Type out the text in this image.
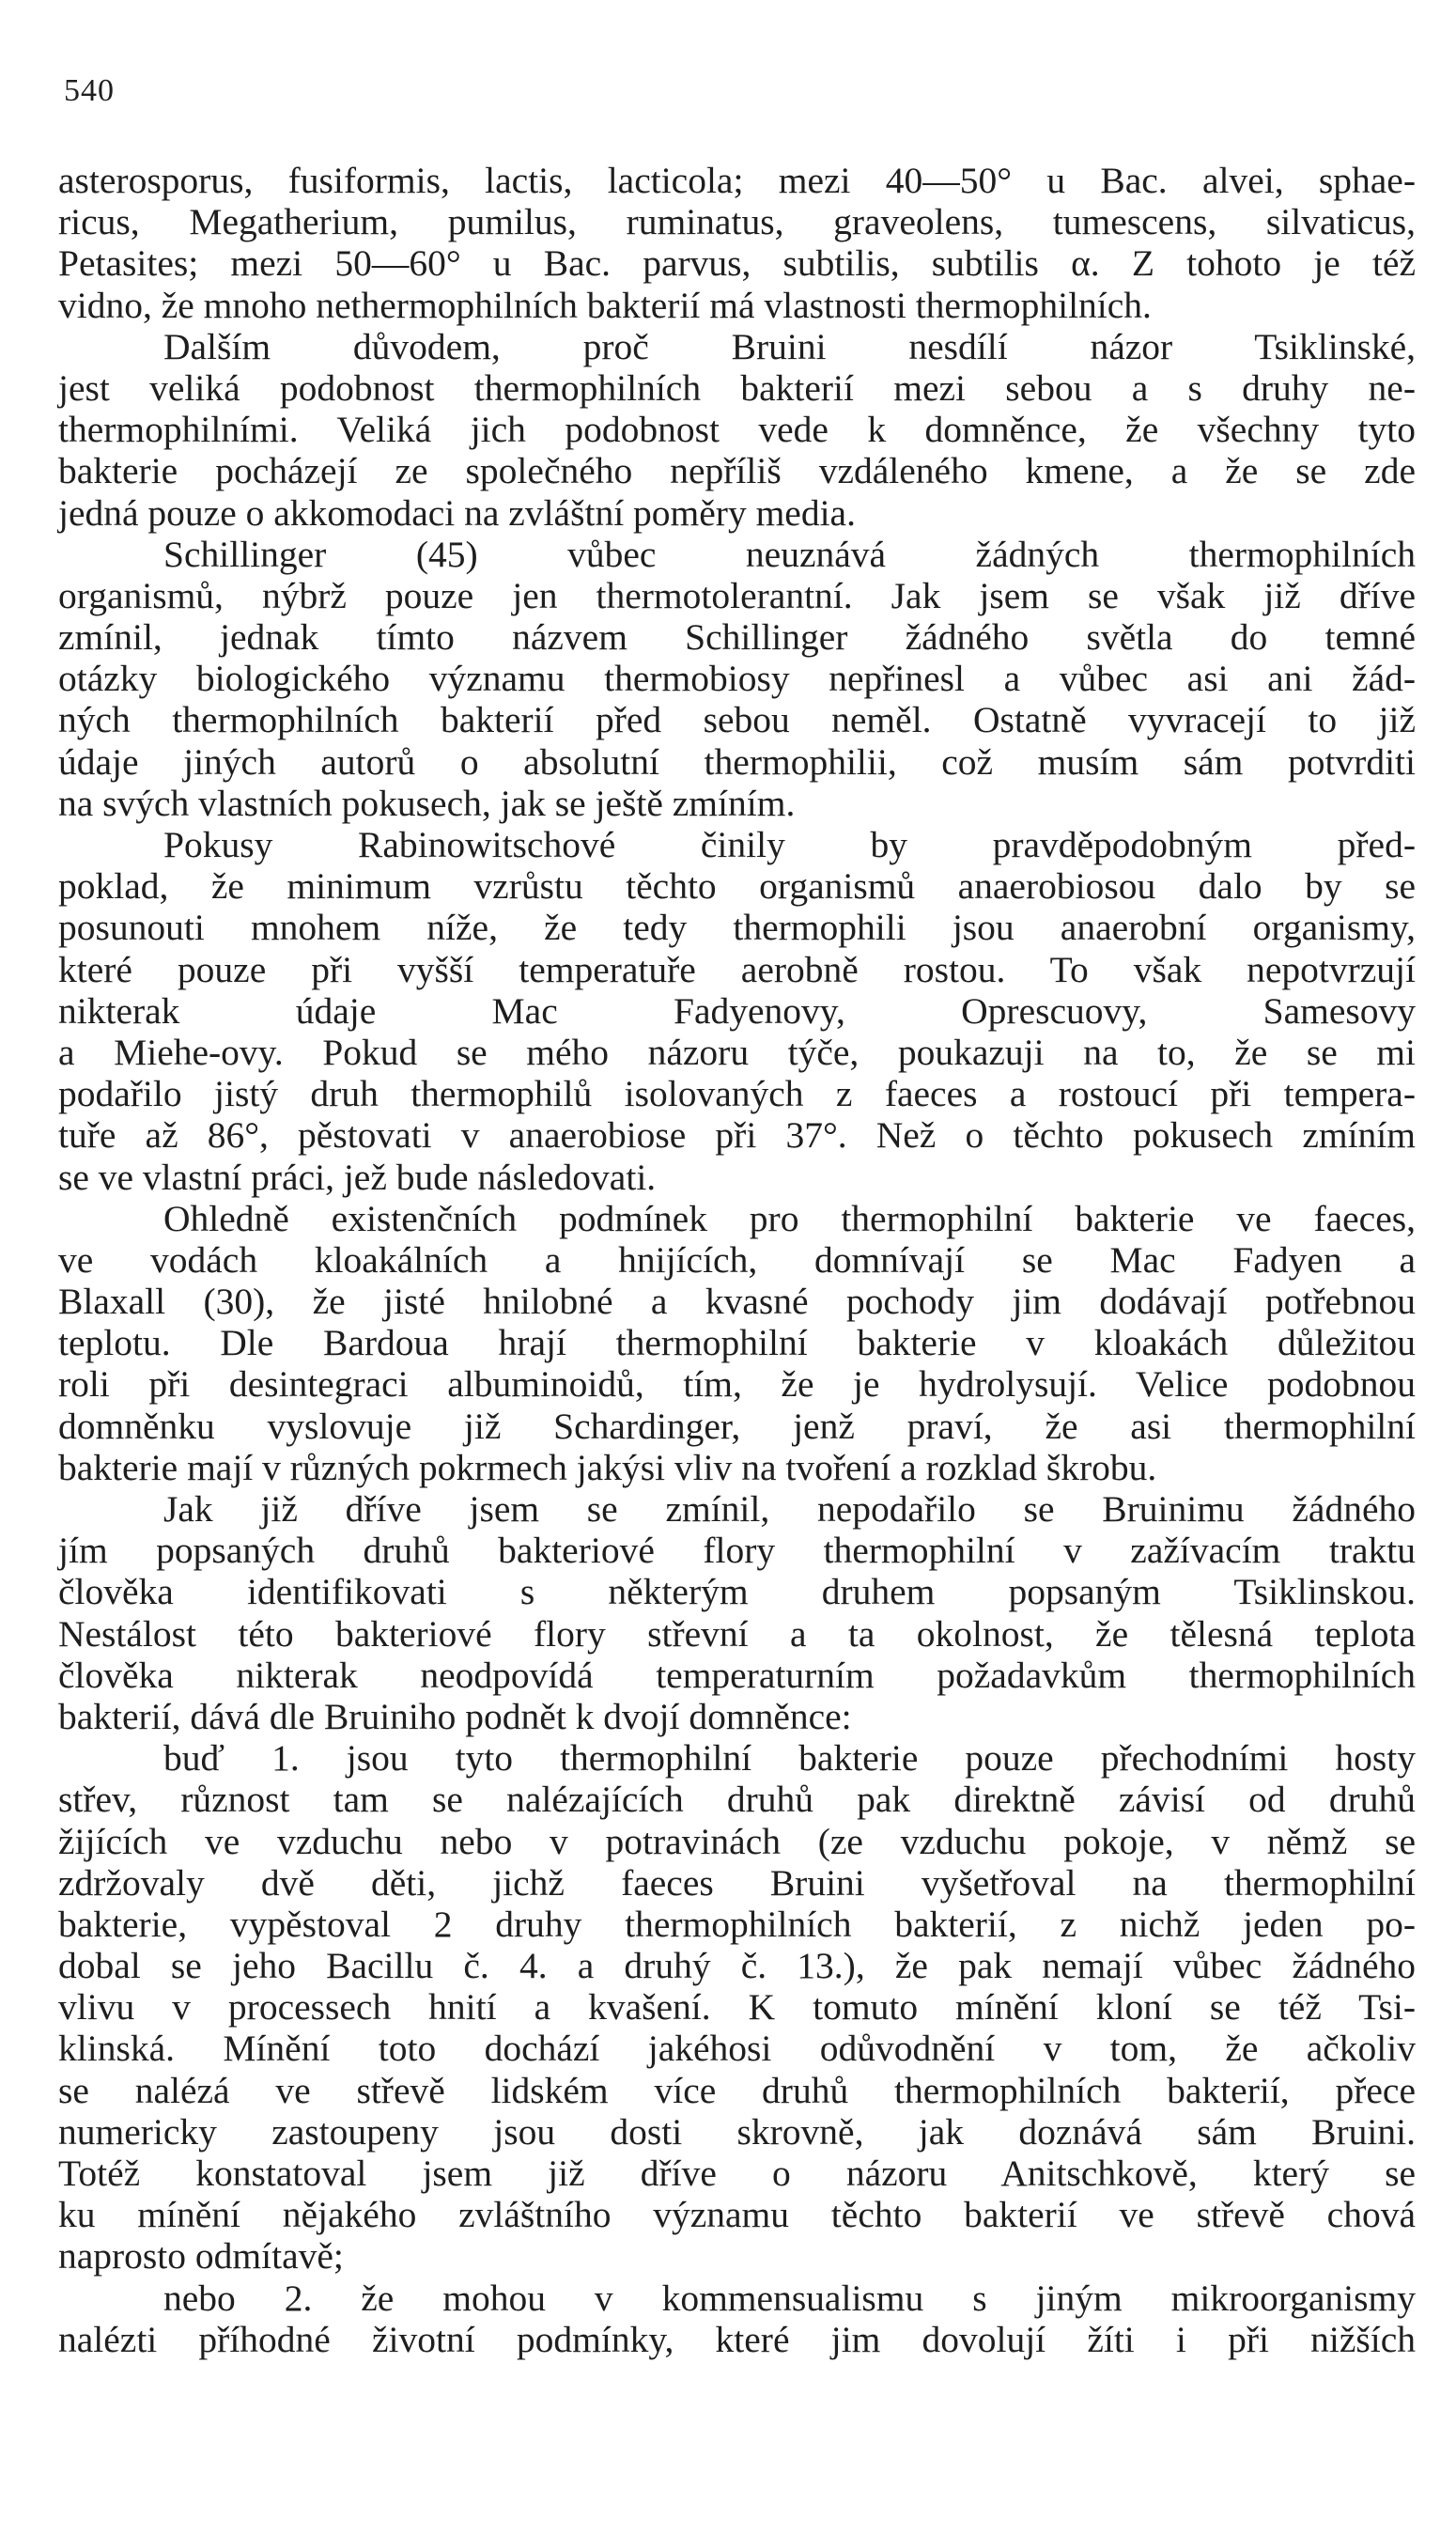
540
asterosporus, fusiformis, lactis, lacticola; mezi 40—50° u Bac. alvei, sphae-
ricus, Megatherium, pumilus, ruminatus, graveolens, tumescens, silvaticus,
Petasites; mezi 50—60° u Bac. parvus, subtilis, subtilis α. Z tohoto je též
vidno, že mnoho nethermophilních bakterií má vlastnosti thermophilních.
Dalším důvodem, proč Bruini nesdílí názor Tsiklinské,
jest veliká podobnost thermophilních bakterií mezi sebou a s druhy ne-
thermophilními. Veliká jich podobnost vede k domněnce, že všechny tyto
bakterie pocházejí ze společného nepříliš vzdáleného kmene, a že se zde
jedná pouze o akkomodaci na zvláštní poměry media.
Schillinger (45) vůbec neuznává žádných thermophilních
organismů, nýbrž pouze jen thermotolerantní. Jak jsem se však již dříve
zmínil, jednak tímto názvem Schillinger žádného světla do temné
otázky biologického významu thermobiosy nepřinesl a vůbec asi ani žád-
ných thermophilních bakterií před sebou neměl. Ostatně vyvracejí to již
údaje jiných autorů o absolutní thermophilii, což musím sám potvrditi
na svých vlastních pokusech, jak se ještě zmíním.
Pokusy Rabinowitschové činily by pravděpodobným před-
poklad, že minimum vzrůstu těchto organismů anaerobiosou dalo by se
posunouti mnohem níže, že tedy thermophili jsou anaerobní organismy,
které pouze při vyšší temperatuře aerobně rostou. To však nepotvrzují
nikterak údaje Mac Fadyenovy, Oprescuovy, Samesovy
a Miehe-ovy. Pokud se mého názoru týče, poukazuji na to, že se mi
podařilo jistý druh thermophilů isolovaných z faeces a rostoucí při tempera-
tuře až 86°, pěstovati v anaerobiose při 37°. Než o těchto pokusech zmíním
se ve vlastní práci, jež bude následovati.
Ohledně existenčních podmínek pro thermophilní bakterie ve faeces,
ve vodách kloakálních a hnijících, domnívají se Mac Fadyen a
Blaxall (30), že jisté hnilobné a kvasné pochody jim dodávají potřebnou
teplotu. Dle Bardoua hrají thermophilní bakterie v kloakách důležitou
roli při desintegraci albuminoidů, tím, že je hydrolysují. Velice podobnou
domněnku vyslovuje již Schardinger, jenž praví, že asi thermophilní
bakterie mají v různých pokrmech jakýsi vliv na tvoření a rozklad škrobu.
Jak již dříve jsem se zmínil, nepodařilo se Bruinimu žádného
jím popsaných druhů bakteriové flory thermophilní v zažívacím traktu
člověka identifikovati s některým druhem popsaným Tsiklinskou.
Nestálost této bakteriové flory střevní a ta okolnost, že tělesná teplota
člověka nikterak neodpovídá temperaturním požadavkům thermophilních
bakterií, dává dle Bruiniho podnět k dvojí domněnce:
buď 1. jsou tyto thermophilní bakterie pouze přechodními hosty
střev, různost tam se nalézajících druhů pak direktně závisí od druhů
žijících ve vzduchu nebo v potravinách (ze vzduchu pokoje, v němž se
zdržovaly dvě děti, jichž faeces Bruini vyšetřoval na thermophilní
bakterie, vypěstoval 2 druhy thermophilních bakterií, z nichž jeden po-
dobal se jeho Bacillu č. 4. a druhý č. 13.), že pak nemají vůbec žádného
vlivu v processech hnití a kvašení. K tomuto mínění kloní se též Tsi-
klinská. Mínění toto dochází jakéhosi odůvodnění v tom, že ačkoliv
se nalézá ve střevě lidském více druhů thermophilních bakterií, přece
numericky zastoupeny jsou dosti skrovně, jak doznává sám Bruini.
Totéž konstatoval jsem již dříve o názoru Anitschkově, který se
ku mínění nějakého zvláštního významu těchto bakterií ve střevě chová
naprosto odmítavě;
nebo 2. že mohou v kommensualismu s jiným mikroorganismy
nalézti příhodné životní podmínky, které jim dovolují žíti i při nižších
